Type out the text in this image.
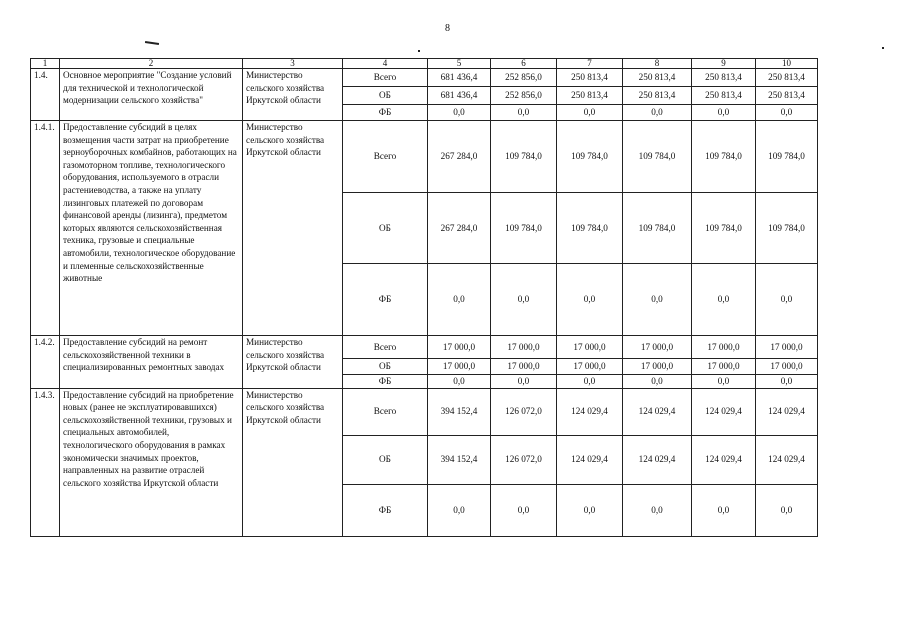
8
1	2	3	4	5	6	7	8	9	10
1.4.	Основное мероприятие "Создание условий для технической и технологической модернизации сельского хозяйства"	Министерство сельского хозяйства Иркутской области	Всего	681 436,4	252 856,0	250 813,4	250 813,4	250 813,4	250 813,4
			ОБ	681 436,4	252 856,0	250 813,4	250 813,4	250 813,4	250 813,4
			ФБ	0,0	0,0	0,0	0,0	0,0	0,0
1.4.1.	Предоставление субсидий в целях возмещения части затрат на приобретение зерноуборочных комбайнов, работающих на газомоторном топливе, технологического оборудования, используемого в отрасли растениеводства, а также на уплату лизинговых платежей по договорам финансовой аренды (лизинга), предметом которых являются сельскохозяйственная техника, грузовые и специальные автомобили, технологическое оборудование и племенные сельскохозяйственные животные	Министерство сельского хозяйства Иркутской области	Всего	267 284,0	109 784,0	109 784,0	109 784,0	109 784,0	109 784,0
			ОБ	267 284,0	109 784,0	109 784,0	109 784,0	109 784,0	109 784,0
			ФБ	0,0	0,0	0,0	0,0	0,0	0,0
1.4.2.	Предоставление субсидий на ремонт сельскохозяйственной техники в специализированных ремонтных заводах	Министерство сельского хозяйства Иркутской области	Всего	17 000,0	17 000,0	17 000,0	17 000,0	17 000,0	17 000,0
			ОБ	17 000,0	17 000,0	17 000,0	17 000,0	17 000,0	17 000,0
			ФБ	0,0	0,0	0,0	0,0	0,0	0,0
1.4.3.	Предоставление субсидий на приобретение новых (ранее не эксплуатировавшихся) сельскохозяйственной техники, грузовых и специальных автомобилей, технологического оборудования в рамках экономически значимых проектов, направленных на развитие отраслей сельского хозяйства Иркутской области	Министерство сельского хозяйства Иркутской области	Всего	394 152,4	126 072,0	124 029,4	124 029,4	124 029,4	124 029,4
			ОБ	394 152,4	126 072,0	124 029,4	124 029,4	124 029,4	124 029,4
			ФБ	0,0	0,0	0,0	0,0	0,0	0,0
